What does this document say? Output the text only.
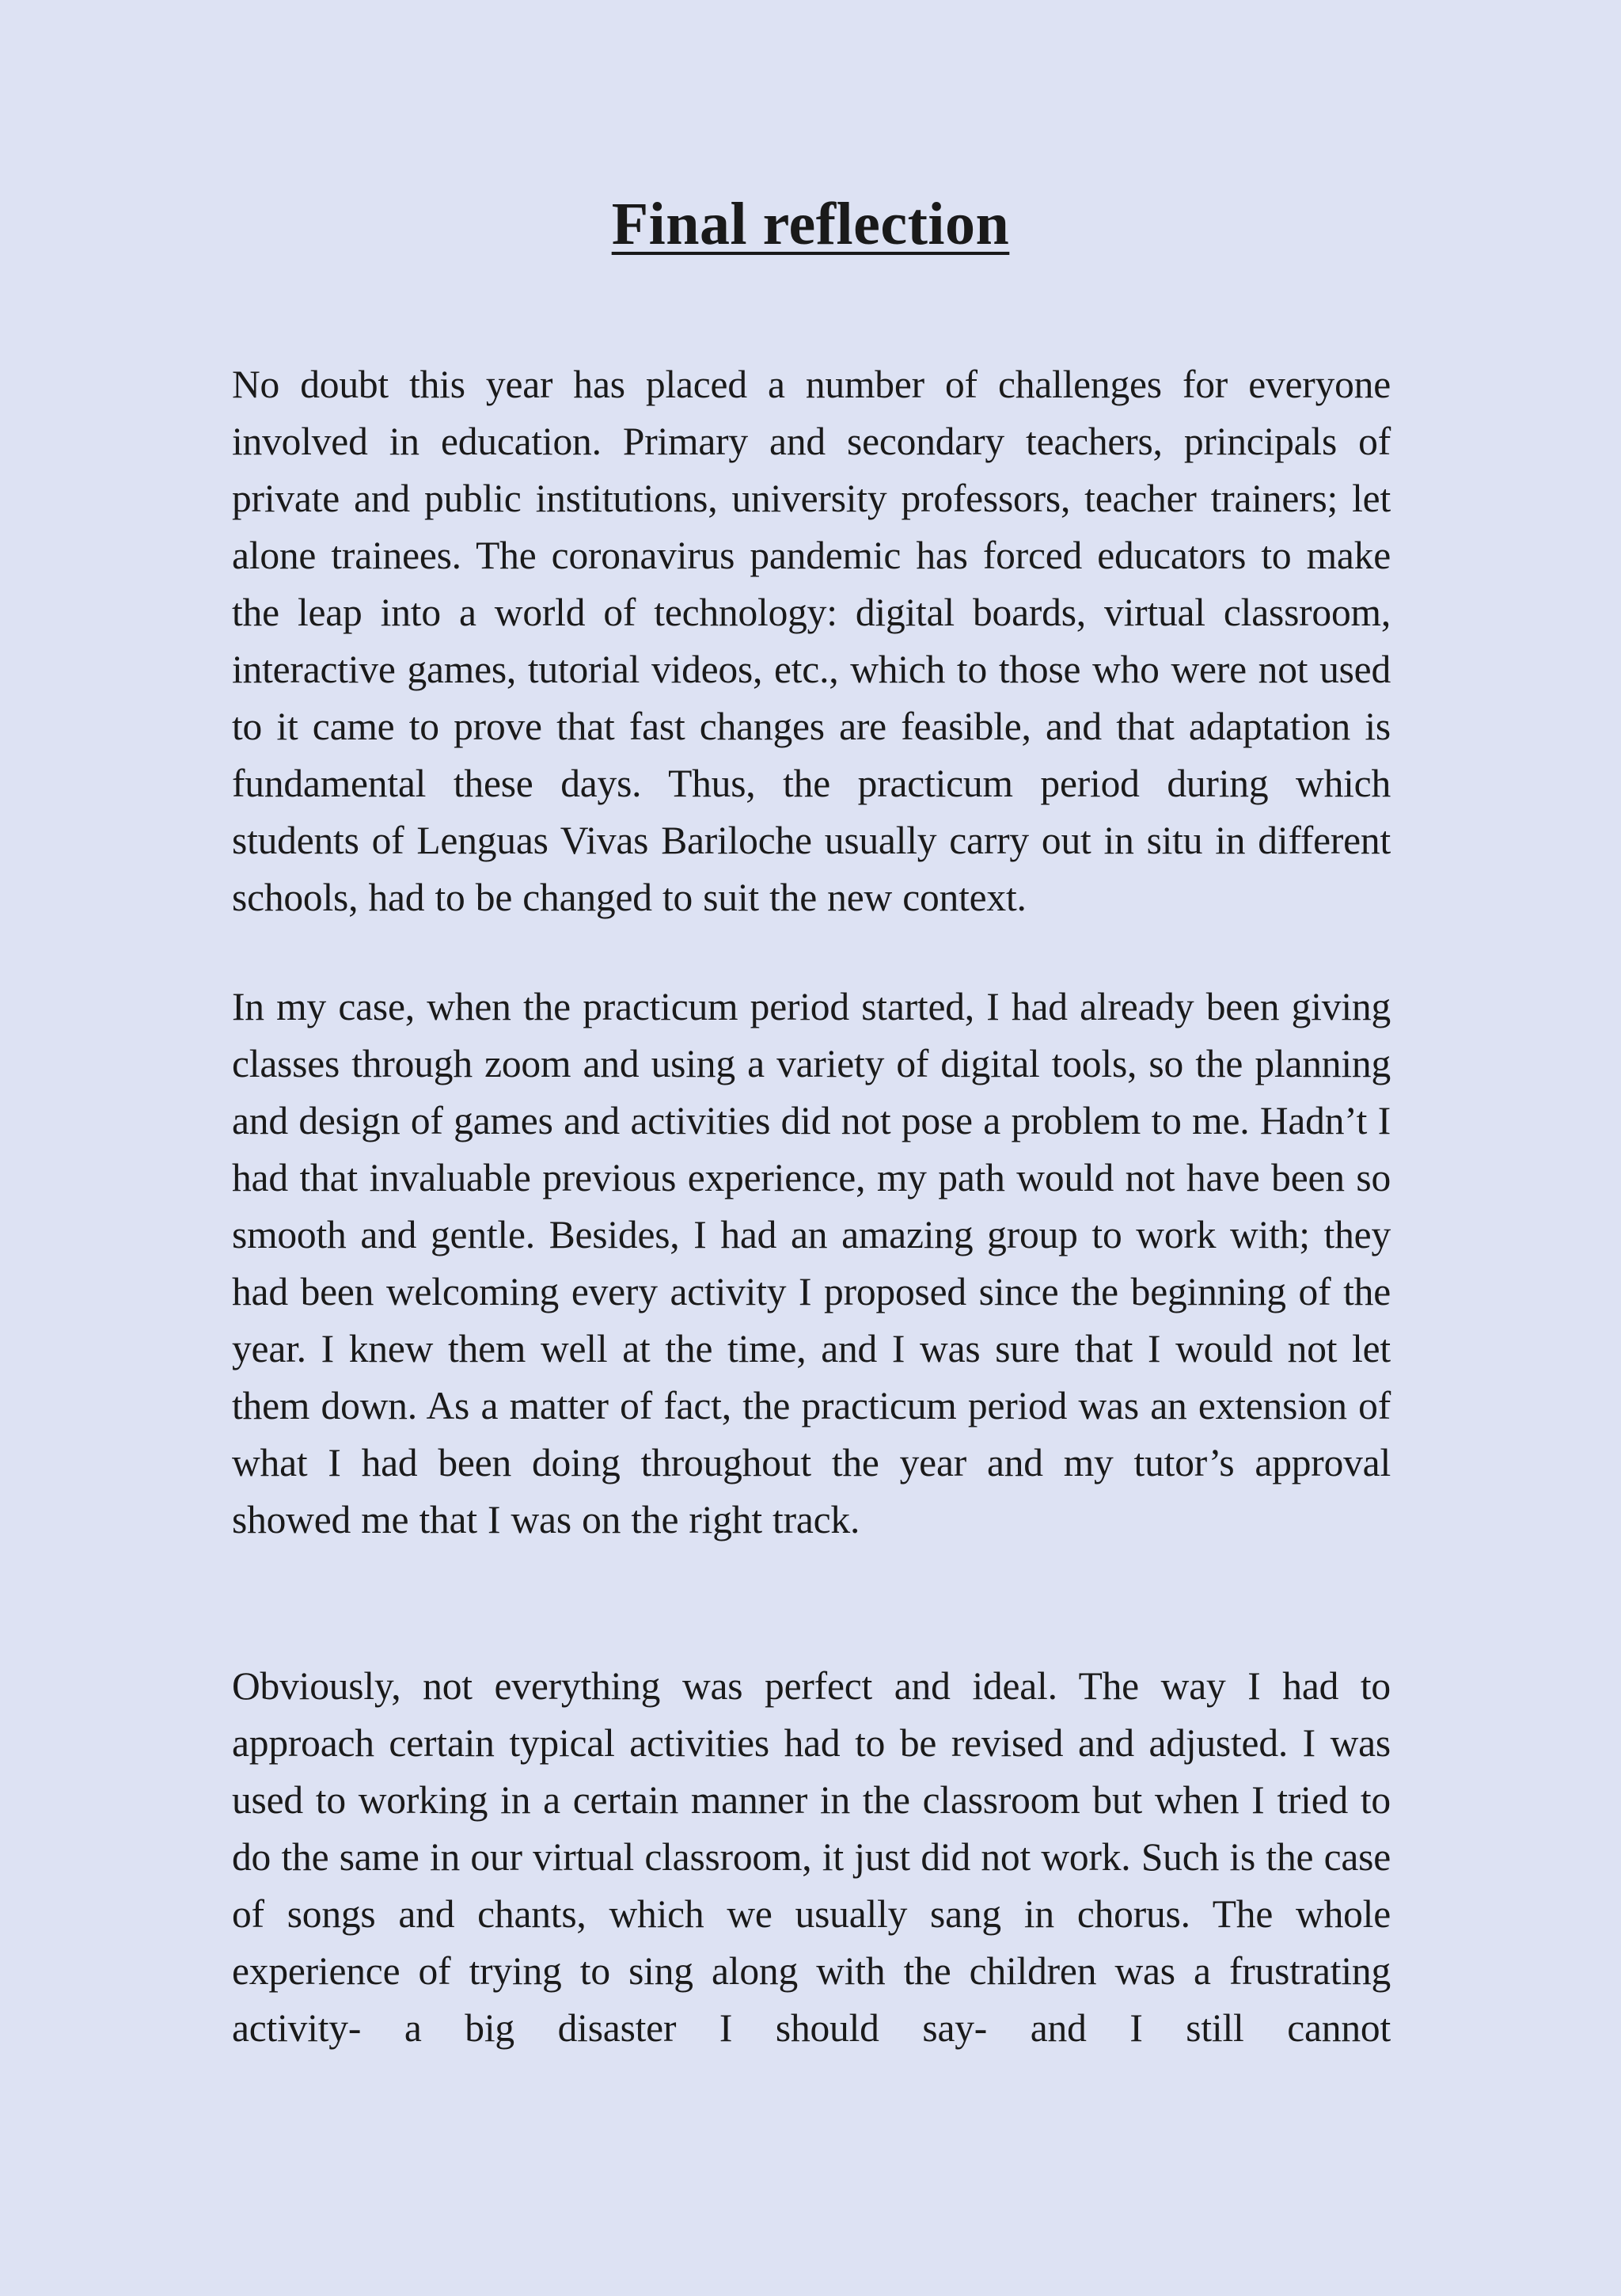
Final reflection

No doubt this year has placed a number of challenges for everyone involved in education. Primary and secondary teachers, principals of private and public institutions, university professors, teacher trainers; let alone trainees. The coronavirus pandemic has forced educators to make the leap into a world of technology: digital boards, virtual classroom, interactive games, tutorial videos, etc., which to those who were not used to it came to prove that fast changes are feasible, and that adaptation is fundamental these days. Thus, the practicum period during which students of Lenguas Vivas Bariloche usually carry out in situ in different schools, had to be changed to suit the new context.

In my case, when the practicum period started, I had already been giving classes through zoom and using a variety of digital tools, so the planning and design of games and activities did not pose a problem to me. Hadn’t I had that invaluable previous experience, my path would not have been so smooth and gentle. Besides, I had an amazing group to work with; they had been welcoming every activity I proposed since the beginning of the year. I knew them well at the time, and I was sure that I would not let them down. As a matter of fact, the practicum period was an extension of what I had been doing throughout the year and my tutor’s approval showed me that I was on the right track.

Obviously, not everything was perfect and ideal. The way I had to approach certain typical activities had to be revised and adjusted. I was used to working in a certain manner in the classroom but when I tried to do the same in our virtual classroom, it just did not work. Such is the case of songs and chants, which we usually sang in chorus. The whole experience of trying to sing along with the children was a frustrating activity- a big disaster I should say- and I still cannot
